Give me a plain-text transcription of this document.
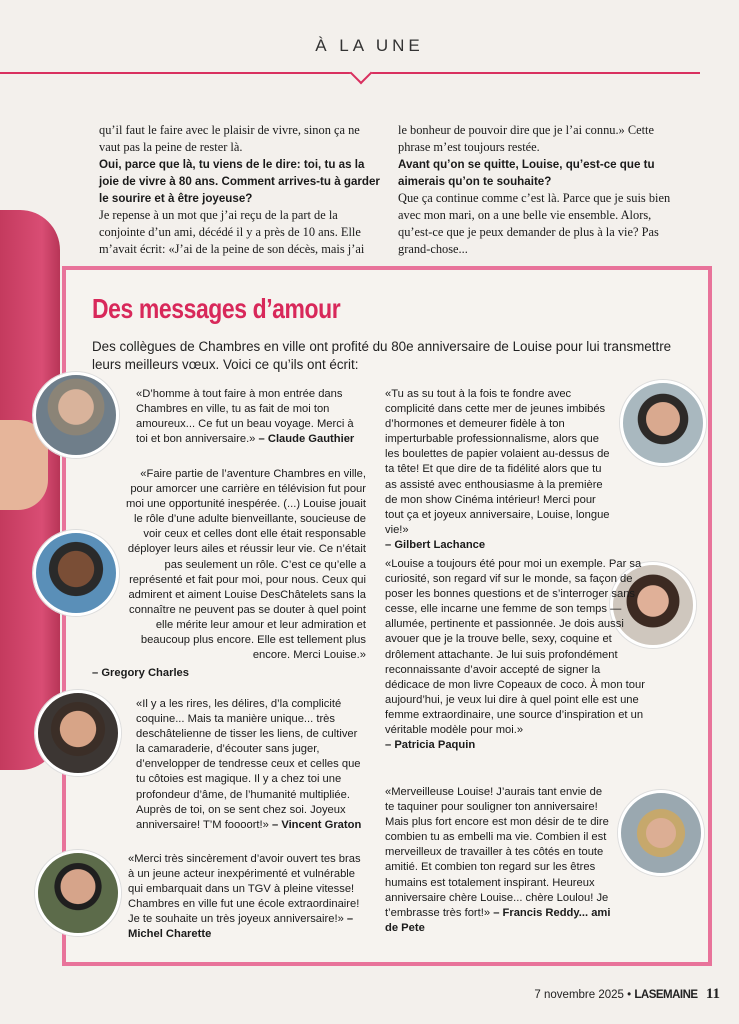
À LA UNE

qu’il faut le faire avec le plaisir de vivre, sinon ça ne vaut pas la peine de rester là.

Oui, parce que là, tu viens de le dire: toi, tu as la joie de vivre à 80 ans. Comment arrives-tu à garder le sourire et à être joyeuse?

Je repense à un mot que j’ai reçu de la part de la conjointe d’un ami, décédé il y a près de 10 ans. Elle m’avait écrit: «J’ai de la peine de son décès, mais j’ai

le bonheur de pouvoir dire que je l’ai connu.» Cette phrase m’est toujours restée.

Avant qu’on se quitte, Louise, qu’est-ce que tu aimerais qu’on te souhaite?

Que ça continue comme c’est là. Parce que je suis bien avec mon mari, on a une belle vie ensemble. Alors, qu’est-ce que je peux demander de plus à la vie? Pas grand-chose...

Des messages d’amour
Des collègues de Chambres en ville ont profité du 80e anniversaire de Louise pour lui transmettre leurs meilleurs vœux. Voici ce qu’ils ont écrit:
«D’homme à tout faire à mon entrée dans Chambres en ville, tu as fait de moi ton amoureux... Ce fut un beau voyage. Merci à toi et bon anniversaire.» – Claude Gauthier
«Faire partie de l’aventure Chambres en ville, pour amorcer une carrière en télévision fut pour moi une opportunité inespérée. (...) Louise jouait le rôle d’une adulte bienveillante, soucieuse de voir ceux et celles dont elle était responsable déployer leurs ailes et réussir leur vie. Ce n’était pas seulement un rôle. C’est ce qu’elle a représenté et fait pour moi, pour nous. Ceux qui admirent et aiment Louise DesChâtelets sans la connaître ne peuvent pas se douter à quel point elle mérite leur amour et leur admiration et beaucoup plus encore. Elle est tellement plus encore. Merci Louise.»
– Gregory Charles
«Il y a les rires, les délires, d’la complicité coquine... Mais ta manière unique... très deschâtelienne de tisser les liens, de cultiver la camaraderie, d’écouter sans juger, d’envelopper de tendresse ceux et celles que tu côtoies est magique. Il y a chez toi une profondeur d’âme, de l’humanité multipliée. Auprès de toi, on se sent chez soi. Joyeux anniversaire! T’M foooort!» – Vincent Graton
«Merci très sincèrement d’avoir ouvert tes bras à un jeune acteur inexpérimenté et vulnérable qui embarquait dans un TGV à pleine vitesse! Chambres en ville fut une école extraordinaire! Je te souhaite un très joyeux anniversaire!» – Michel Charette
«Tu as su tout à la fois te fondre avec complicité dans cette mer de jeunes imbibés d’hormones et demeurer fidèle à ton imperturbable professionnalisme, alors que les boulettes de papier volaient au-dessus de ta tête! Et que dire de ta fidélité alors que tu as assisté avec enthousiasme à la première de mon show Cinéma intérieur! Merci pour tout ça et joyeux anniversaire, Louise, longue vie!»
– Gilbert Lachance
«Louise a toujours été pour moi un exemple. Par sa curiosité, son regard vif sur le monde, sa façon de poser les bonnes questions et de s’interroger sans cesse, elle incarne une femme de son temps — allumée, pertinente et passionnée. Je dois aussi avouer que je la trouve belle, sexy, coquine et drôlement attachante. Je lui suis profondément reconnaissante d’avoir accepté de signer la dédicace de mon livre Copeaux de coco. À mon tour aujourd’hui, je veux lui dire à quel point elle est une femme extraordinaire, une source d’inspiration et un véritable modèle pour moi.»
– Patricia Paquin
«Merveilleuse Louise! J’aurais tant envie de te taquiner pour souligner ton anniversaire! Mais plus fort encore est mon désir de te dire combien tu as embelli ma vie. Combien il est merveilleux de travailler à tes côtés en toute amitié. Et combien ton regard sur les êtres humains est totalement inspirant. Heureux anniversaire chère Louise... chère Loulou! Je t’embrasse très fort!» – Francis Reddy... ami de Pete
7 novembre 2025 • LASEMAINE 11
